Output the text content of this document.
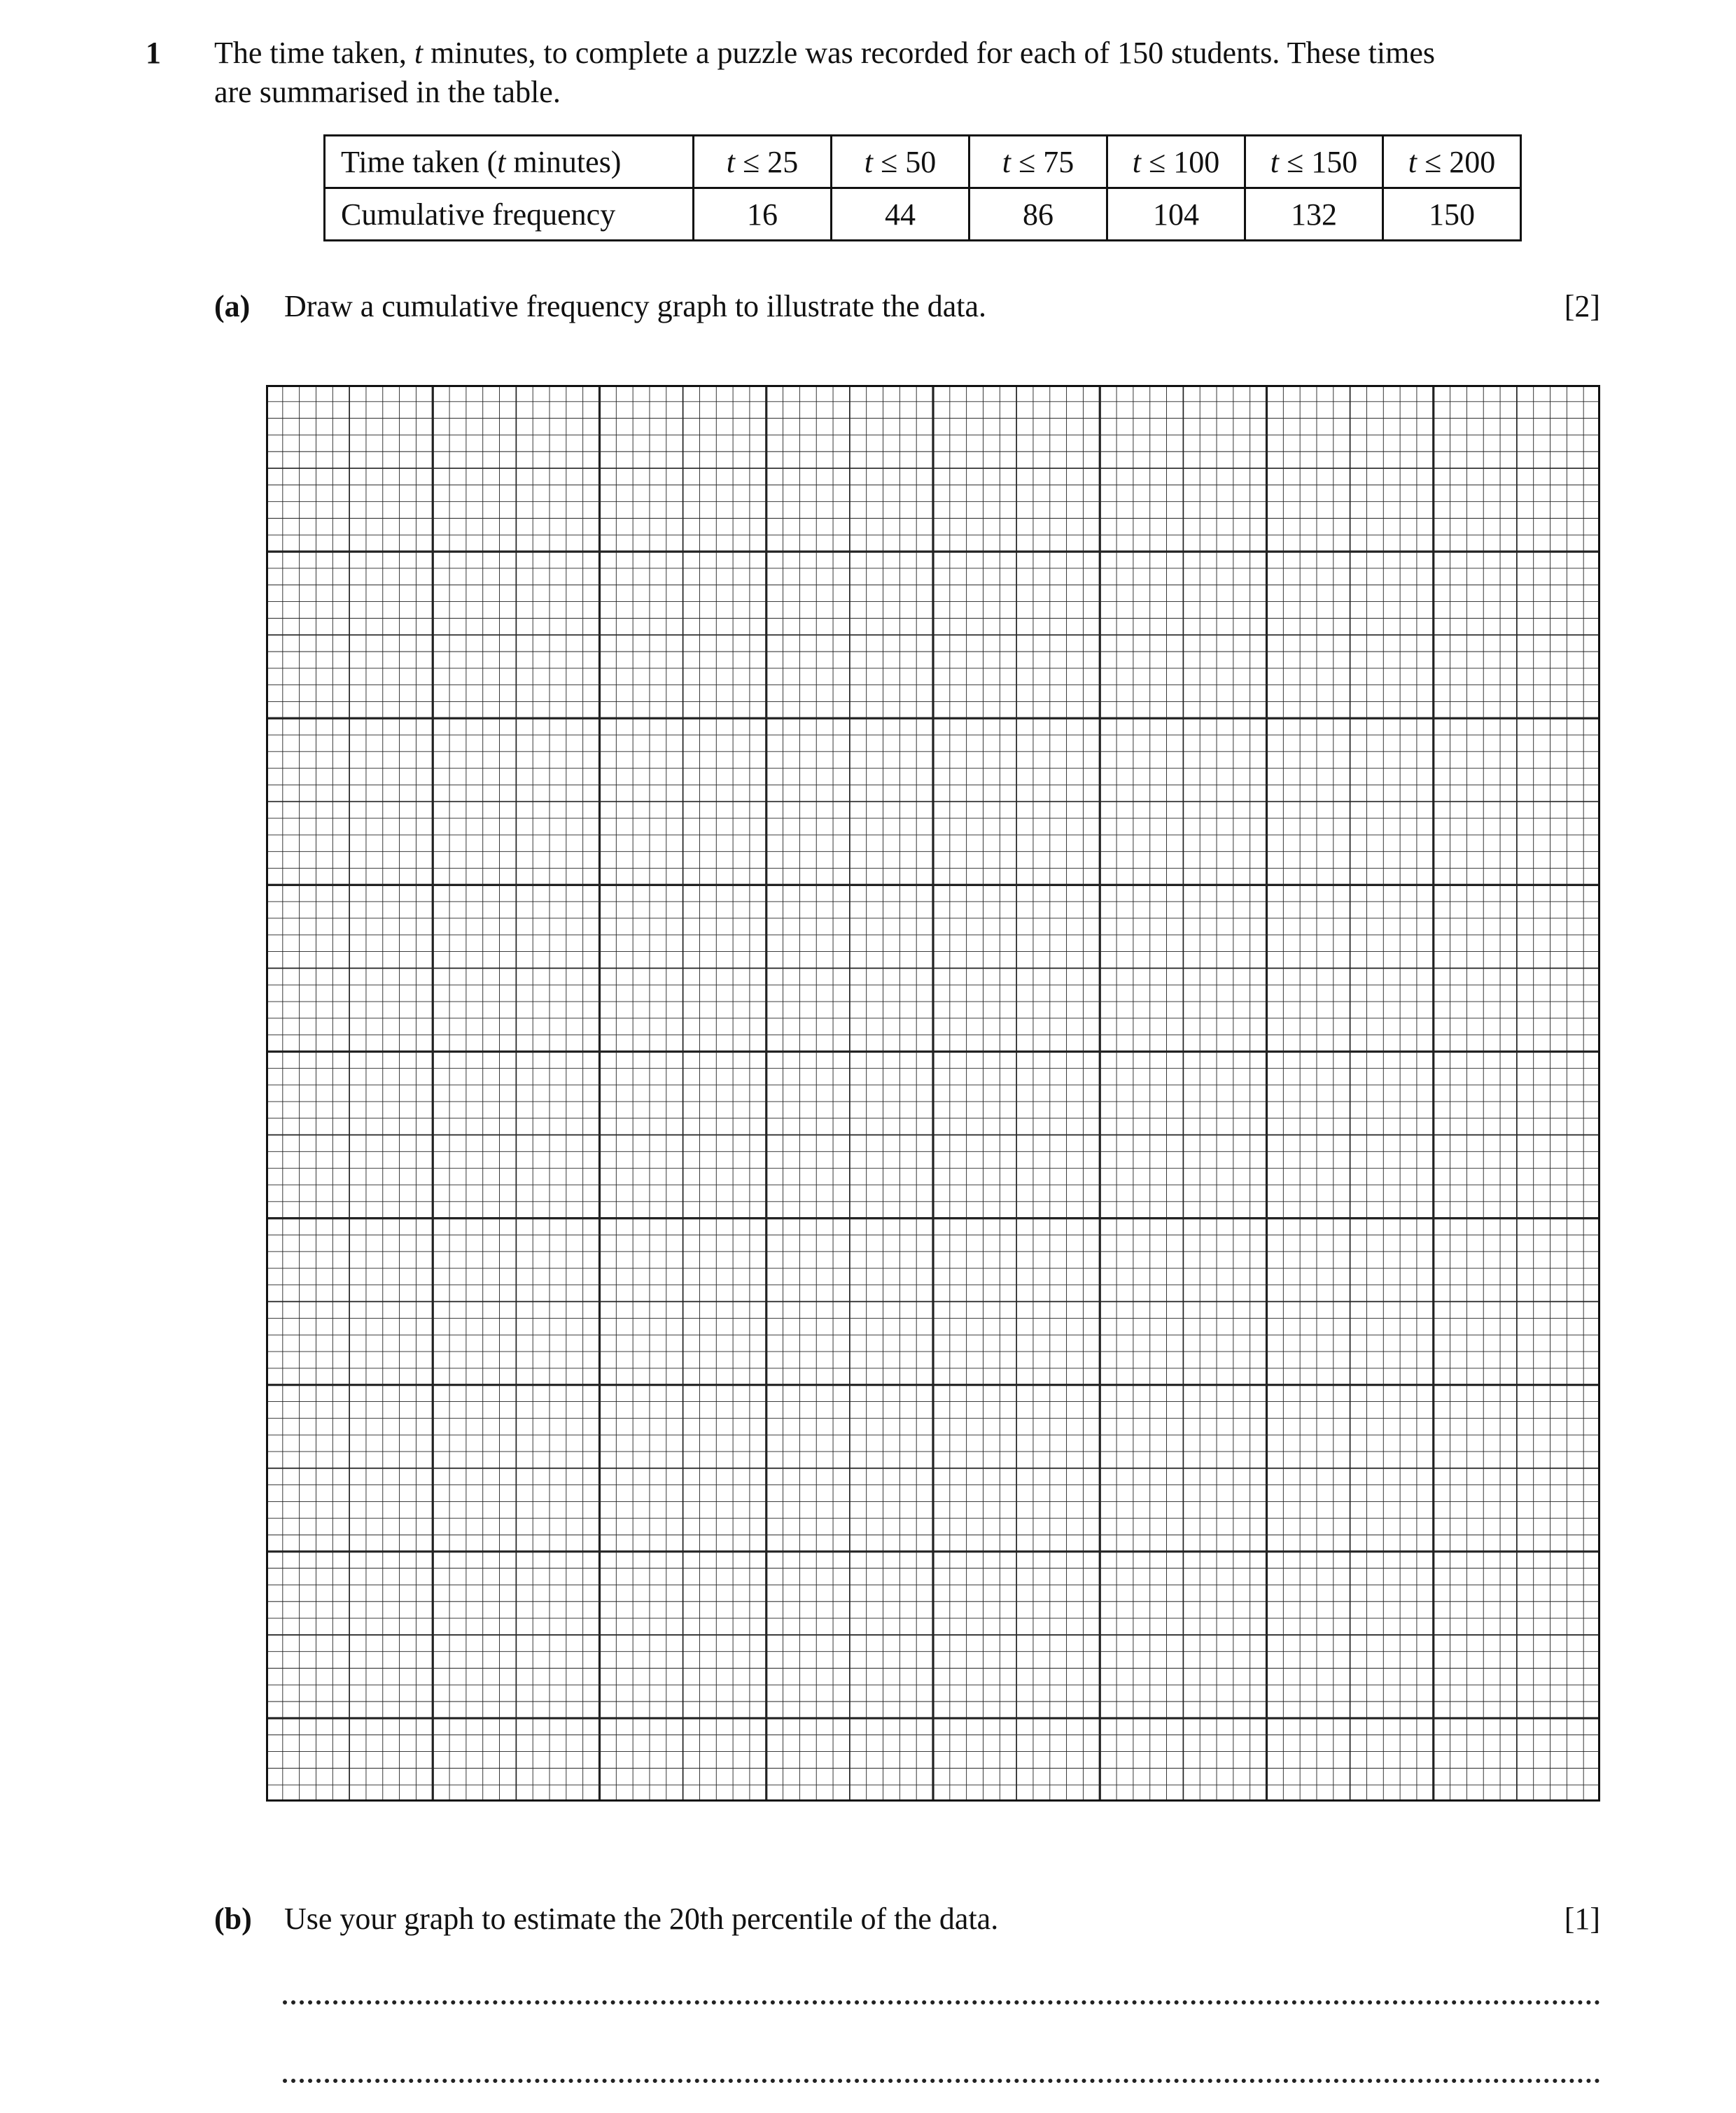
1 The time taken, t minutes, to complete a puzzle was recorded for each of 150 students. These times

are summarised in the table.

Time taken (t minutes)	t ≤ 25	t ≤ 50	t ≤ 75	t ≤ 100	t ≤ 150	t ≤ 200
Cumulative frequency	16	44	86	104	132	150
(a) Draw a cumulative frequency graph to illustrate the data.	[2]
(b) Use your graph to estimate the 20th percentile of the data.	[1]
